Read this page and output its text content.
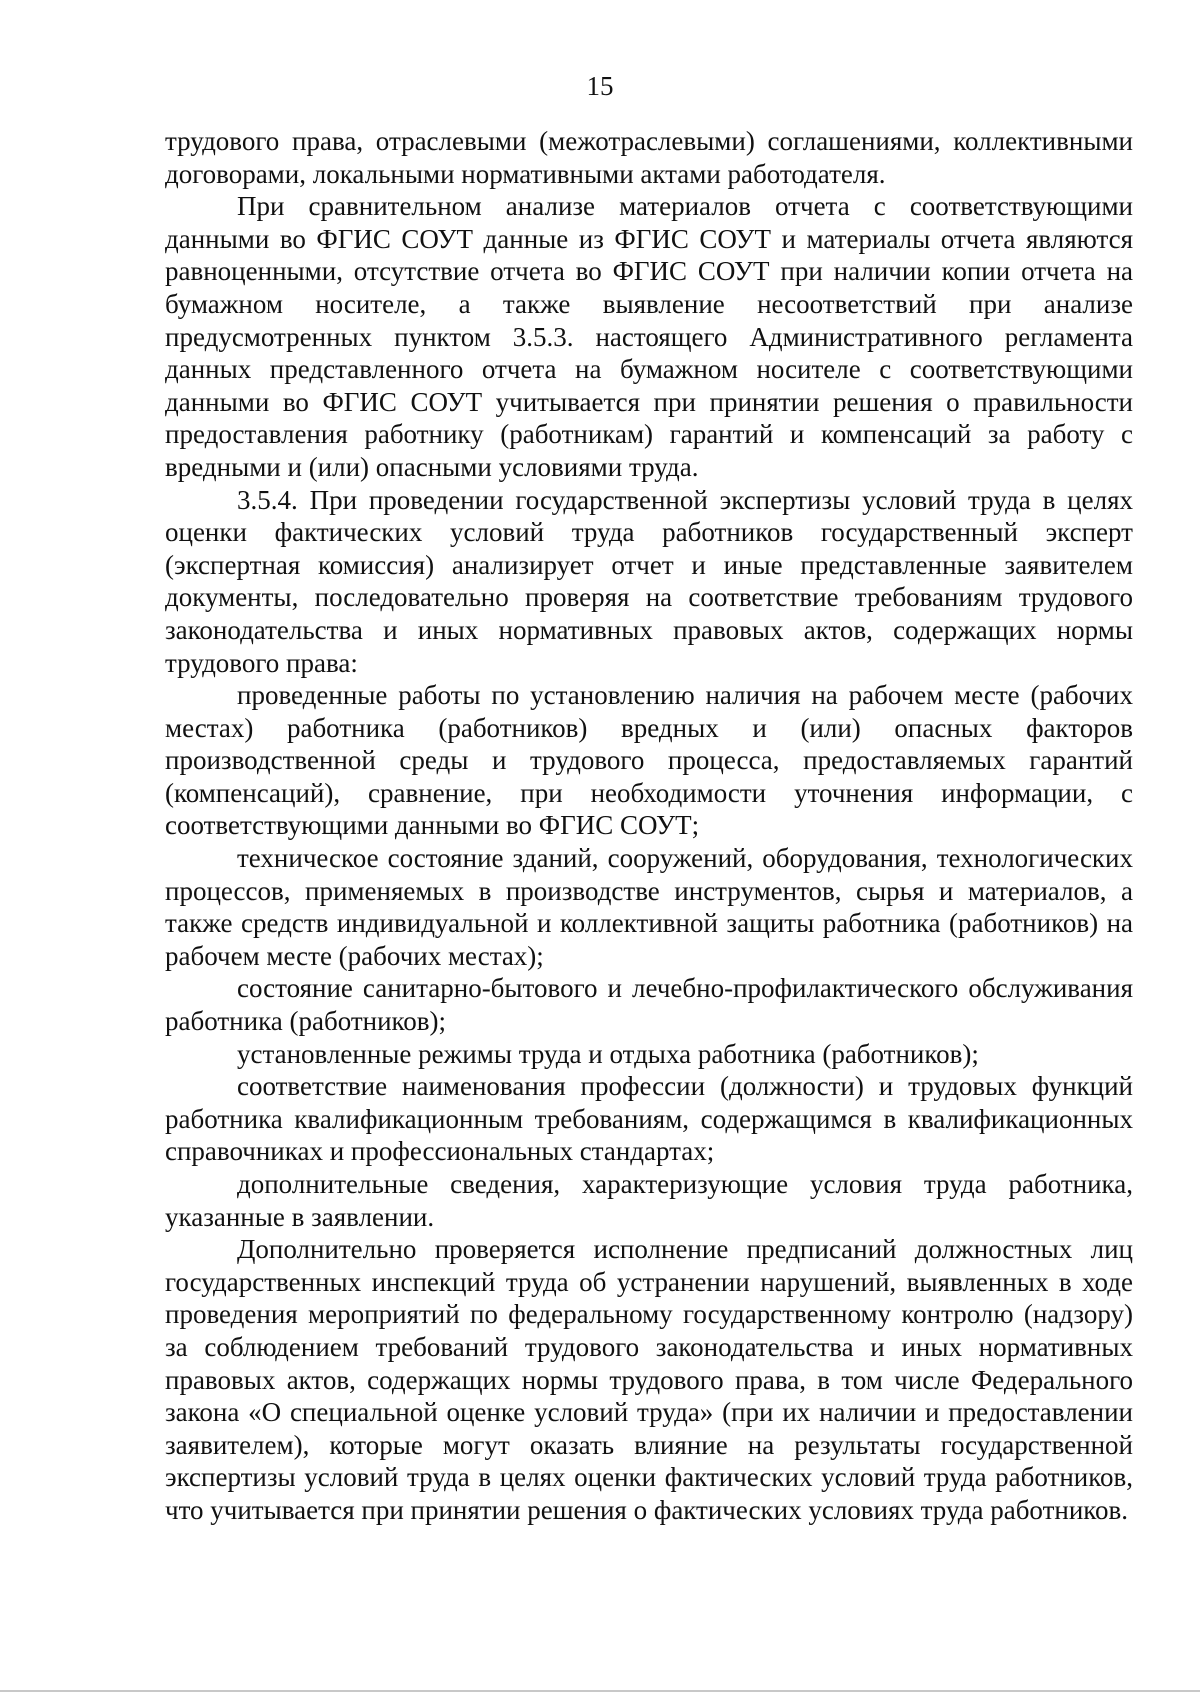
15

трудового права, отраслевыми (межотраслевыми) соглашениями, коллективными договорами, локальными нормативными актами работодателя.

При сравнительном анализе материалов отчета с соответствующими данными во ФГИС СОУТ данные из ФГИС СОУТ и материалы отчета являются равноценными, отсутствие отчета во ФГИС СОУТ при наличии копии отчета на бумажном носителе, а также выявление несоответствий при анализе предусмотренных пунктом 3.5.3. настоящего Административного регламента данных представленного отчета на бумажном носителе с соответствующими данными во ФГИС СОУТ учитывается при принятии решения о правильности предоставления работнику (работникам) гарантий и компенсаций за работу с вредными и (или) опасными условиями труда.

3.5.4. При проведении государственной экспертизы условий труда в целях оценки фактических условий труда работников государственный эксперт (экспертная комиссия) анализирует отчет и иные представленные заявителем документы, последовательно проверяя на соответствие требованиям трудового законодательства и иных нормативных правовых актов, содержащих нормы трудового права:

проведенные работы по установлению наличия на рабочем месте (рабочих местах) работника (работников) вредных и (или) опасных факторов производственной среды и трудового процесса, предоставляемых гарантий (компенсаций), сравнение, при необходимости уточнения информации, с соответствующими данными во ФГИС СОУТ;

техническое состояние зданий, сооружений, оборудования, технологических процессов, применяемых в производстве инструментов, сырья и материалов, а также средств индивидуальной и коллективной защиты работника (работников) на рабочем месте (рабочих местах);

состояние санитарно-бытового и лечебно-профилактического обслуживания работника (работников);

установленные режимы труда и отдыха работника (работников);

соответствие наименования профессии (должности) и трудовых функций работника квалификационным требованиям, содержащимся в квалификационных справочниках и профессиональных стандартах;

дополнительные сведения, характеризующие условия труда работника, указанные в заявлении.

Дополнительно проверяется исполнение предписаний должностных лиц государственных инспекций труда об устранении нарушений, выявленных в ходе проведения мероприятий по федеральному государственному контролю (надзору) за соблюдением требований трудового законодательства и иных нормативных правовых актов, содержащих нормы трудового права, в том числе Федерального закона «О специальной оценке условий труда» (при их наличии и предоставлении заявителем), которые могут оказать влияние на результаты государственной экспертизы условий труда в целях оценки фактических условий труда работников, что учитывается при принятии решения о фактических условиях труда работников.
